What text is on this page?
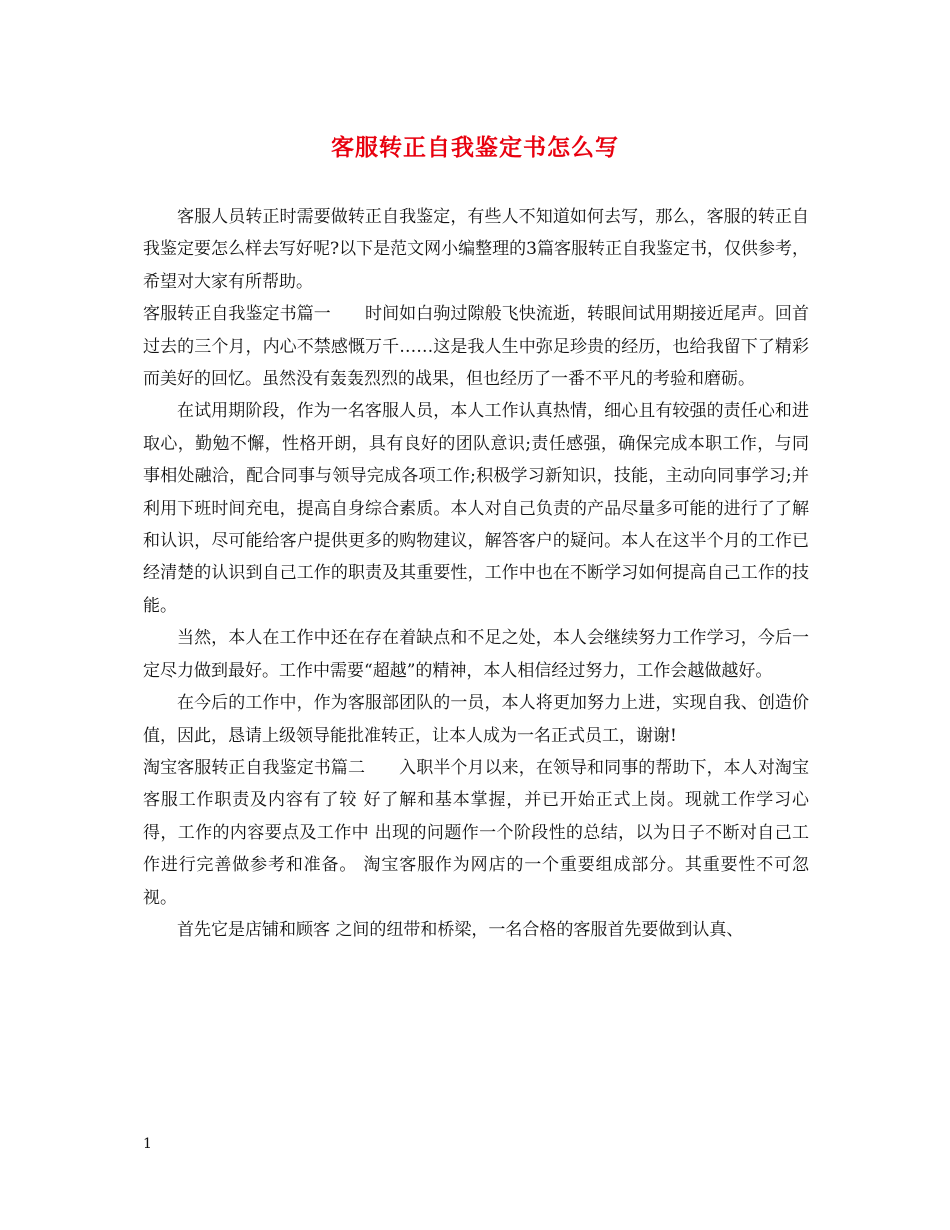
客服转正自我鉴定书怎么写

客服人员转正时需要做转正自我鉴定，有些人不知道如何去写，那么，客服的转正自我鉴定要怎么样去写好呢?以下是范文网小编整理的3篇客服转正自我鉴定书，仅供参考，希望对大家有所帮助。

客服转正自我鉴定书篇一　　时间如白驹过隙般飞快流逝，转眼间试用期接近尾声。回首过去的三个月，内心不禁感慨万千……这是我人生中弥足珍贵的经历，也给我留下了精彩而美好的回忆。虽然没有轰轰烈烈的战果，但也经历了一番不平凡的考验和磨砺。

在试用期阶段，作为一名客服人员，本人工作认真热情，细心且有较强的责任心和进取心，勤勉不懈，性格开朗，具有良好的团队意识;责任感强，确保完成本职工作，与同事相处融洽，配合同事与领导完成各项工作;积极学习新知识，技能，主动向同事学习;并利用下班时间充电，提高自身综合素质。本人对自己负责的产品尽量多可能的进行了了解和认识，尽可能给客户提供更多的购物建议，解答客户的疑问。本人在这半个月的工作已经清楚的认识到自己工作的职责及其重要性，工作中也在不断学习如何提高自己工作的技能。

当然，本人在工作中还在存在着缺点和不足之处，本人会继续努力工作学习，今后一定尽力做到最好。工作中需要“超越”的精神，本人相信经过努力，工作会越做越好。

在今后的工作中，作为客服部团队的一员，本人将更加努力上进，实现自我、创造价值，因此，恳请上级领导能批准转正，让本人成为一名正式员工，谢谢!

淘宝客服转正自我鉴定书篇二　　入职半个月以来，在领导和同事的帮助下，本人对淘宝客服工作职责及内容有了较 好了解和基本掌握，并已开始正式上岗。现就工作学习心得，工作的内容要点及工作中 出现的问题作一个阶段性的总结，以为日子不断对自己工作进行完善做参考和准备。 淘宝客服作为网店的一个重要组成部分。其重要性不可忽视。

首先它是店铺和顾客 之间的纽带和桥梁，一名合格的客服首先要做到认真、

1
